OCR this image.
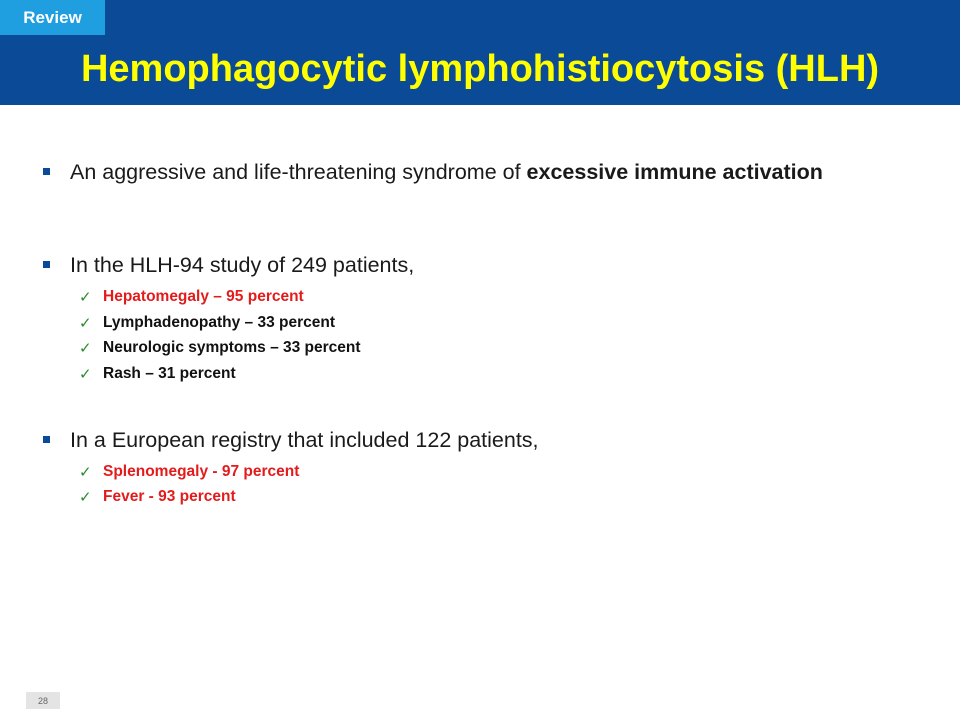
Review
Hemophagocytic lymphohistiocytosis (HLH)
An aggressive and life-threatening syndrome of excessive immune activation
In the HLH-94 study of 249 patients,
✓ Hepatomegaly – 95 percent
✓ Lymphadenopathy – 33 percent
✓ Neurologic symptoms – 33 percent
✓ Rash – 31 percent
In a European registry that included 122 patients,
✓ Splenomegaly - 97 percent
✓ Fever - 93 percent
28
